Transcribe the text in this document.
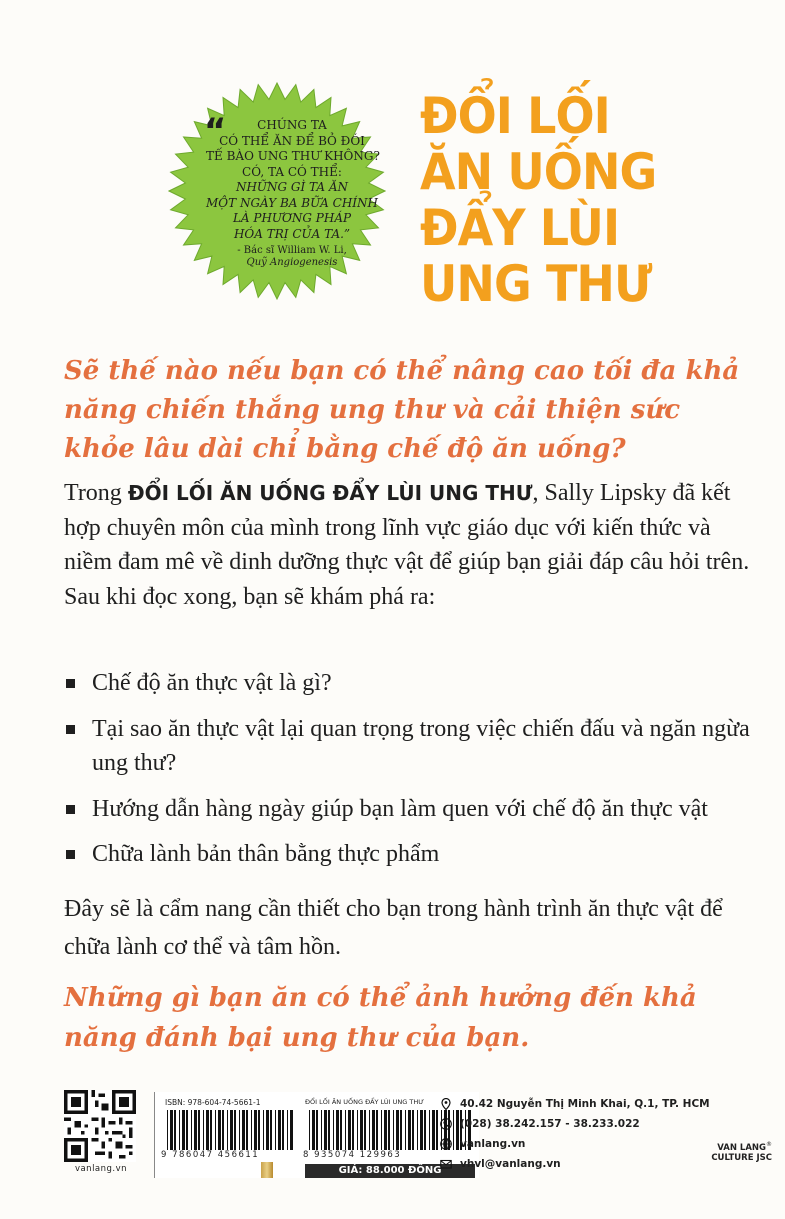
“	CHÚNG TA
CÓ THỂ ĂN ĐỂ BỎ ĐÓI
TẾ BÀO UNG THƯ KHÔNG?
CÓ, TA CÓ THỂ:
NHỮNG GÌ TA ĂN
MỘT NGÀY BA BỮA CHÍNH
LÀ PHƯƠNG PHÁP
HÓA TRỊ CỦA TA.”
- Bác sĩ William W. Li,
Quỹ Angiogenesis
ĐỔI LỐI
ĂN UỐNG
ĐẨY LÙI
UNG THƯ
Sẽ thế nào nếu bạn có thể nâng cao tối đa khả năng chiến thắng ung thư và cải thiện sức khỏe lâu dài chỉ bằng chế độ ăn uống?
Trong ĐỔI LỐI ĂN UỐNG ĐẨY LÙI UNG THƯ, Sally Lipsky đã kết hợp chuyên môn của mình trong lĩnh vực giáo dục với kiến thức và niềm đam mê về dinh dưỡng thực vật để giúp bạn giải đáp câu hỏi trên. Sau khi đọc xong, bạn sẽ khám phá ra:
Chế độ ăn thực vật là gì?
Tại sao ăn thực vật lại quan trọng trong việc chiến đấu và ngăn ngừa ung thư?
Hướng dẫn hàng ngày giúp bạn làm quen với chế độ ăn thực vật
Chữa lành bản thân bằng thực phẩm
Đây sẽ là cẩm nang cần thiết cho bạn trong hành trình ăn thực vật để chữa lành cơ thể và tâm hồn.
Những gì bạn ăn có thể ảnh hưởng đến khả năng đánh bại ung thư của bạn.
vanlang.vn
ISBN: 978-604-74-5661-1	ĐỔI LỐI ĂN UỐNG ĐẨY LÙI UNG THƯ
9 786047 456611	8 935074 129963
GIÁ: 88.000 ĐỒNG
40.42 Nguyễn Thị Minh Khai, Q.1, TP. HCM
(028) 38.242.157 - 38.233.022
vanlang.vn
vhvl@vanlang.vn
VAN LANG®
CULTURE JSC
